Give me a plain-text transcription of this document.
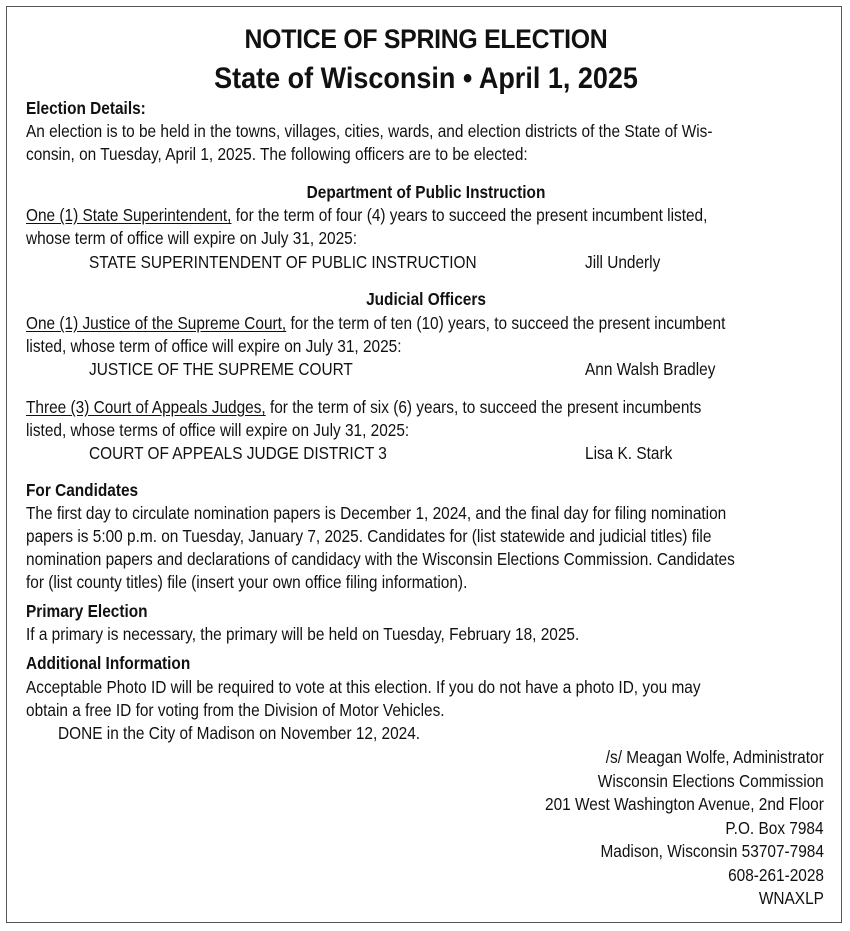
NOTICE OF SPRING ELECTION
State of Wisconsin • April 1, 2025
Election Details:
An election is to be held in the towns, villages, cities, wards, and election districts of the State of Wis-
consin, on Tuesday, April 1, 2025. The following officers are to be elected:
Department of Public Instruction
One (1) State Superintendent, for the term of four (4) years to succeed the present incumbent listed,
whose term of office will expire on July 31, 2025:
STATE SUPERINTENDENT OF PUBLIC INSTRUCTION	Jill Underly
Judicial Officers
One (1) Justice of the Supreme Court, for the term of ten (10) years, to succeed the present incumbent
listed, whose term of office will expire on July 31, 2025:
JUSTICE OF THE SUPREME COURT	Ann Walsh Bradley
Three (3) Court of Appeals Judges, for the term of six (6) years, to succeed the present incumbents
listed, whose terms of office will expire on July 31, 2025:
COURT OF APPEALS JUDGE DISTRICT 3	Lisa K. Stark
For Candidates
The first day to circulate nomination papers is December 1, 2024, and the final day for filing nomination
papers is 5:00 p.m. on Tuesday, January 7, 2025. Candidates for (list statewide and judicial titles) file
nomination papers and declarations of candidacy with the Wisconsin Elections Commission. Candidates
for (list county titles) file (insert your own office filing information).
Primary Election
If a primary is necessary, the primary will be held on Tuesday, February 18, 2025.
Additional Information
Acceptable Photo ID will be required to vote at this election. If you do not have a photo ID, you may
obtain a free ID for voting from the Division of Motor Vehicles.
DONE in the City of Madison on November 12, 2024.
/s/ Meagan Wolfe, Administrator
Wisconsin Elections Commission
201 West Washington Avenue, 2nd Floor
P.O. Box 7984
Madison, Wisconsin 53707-7984
608-261-2028
WNAXLP
